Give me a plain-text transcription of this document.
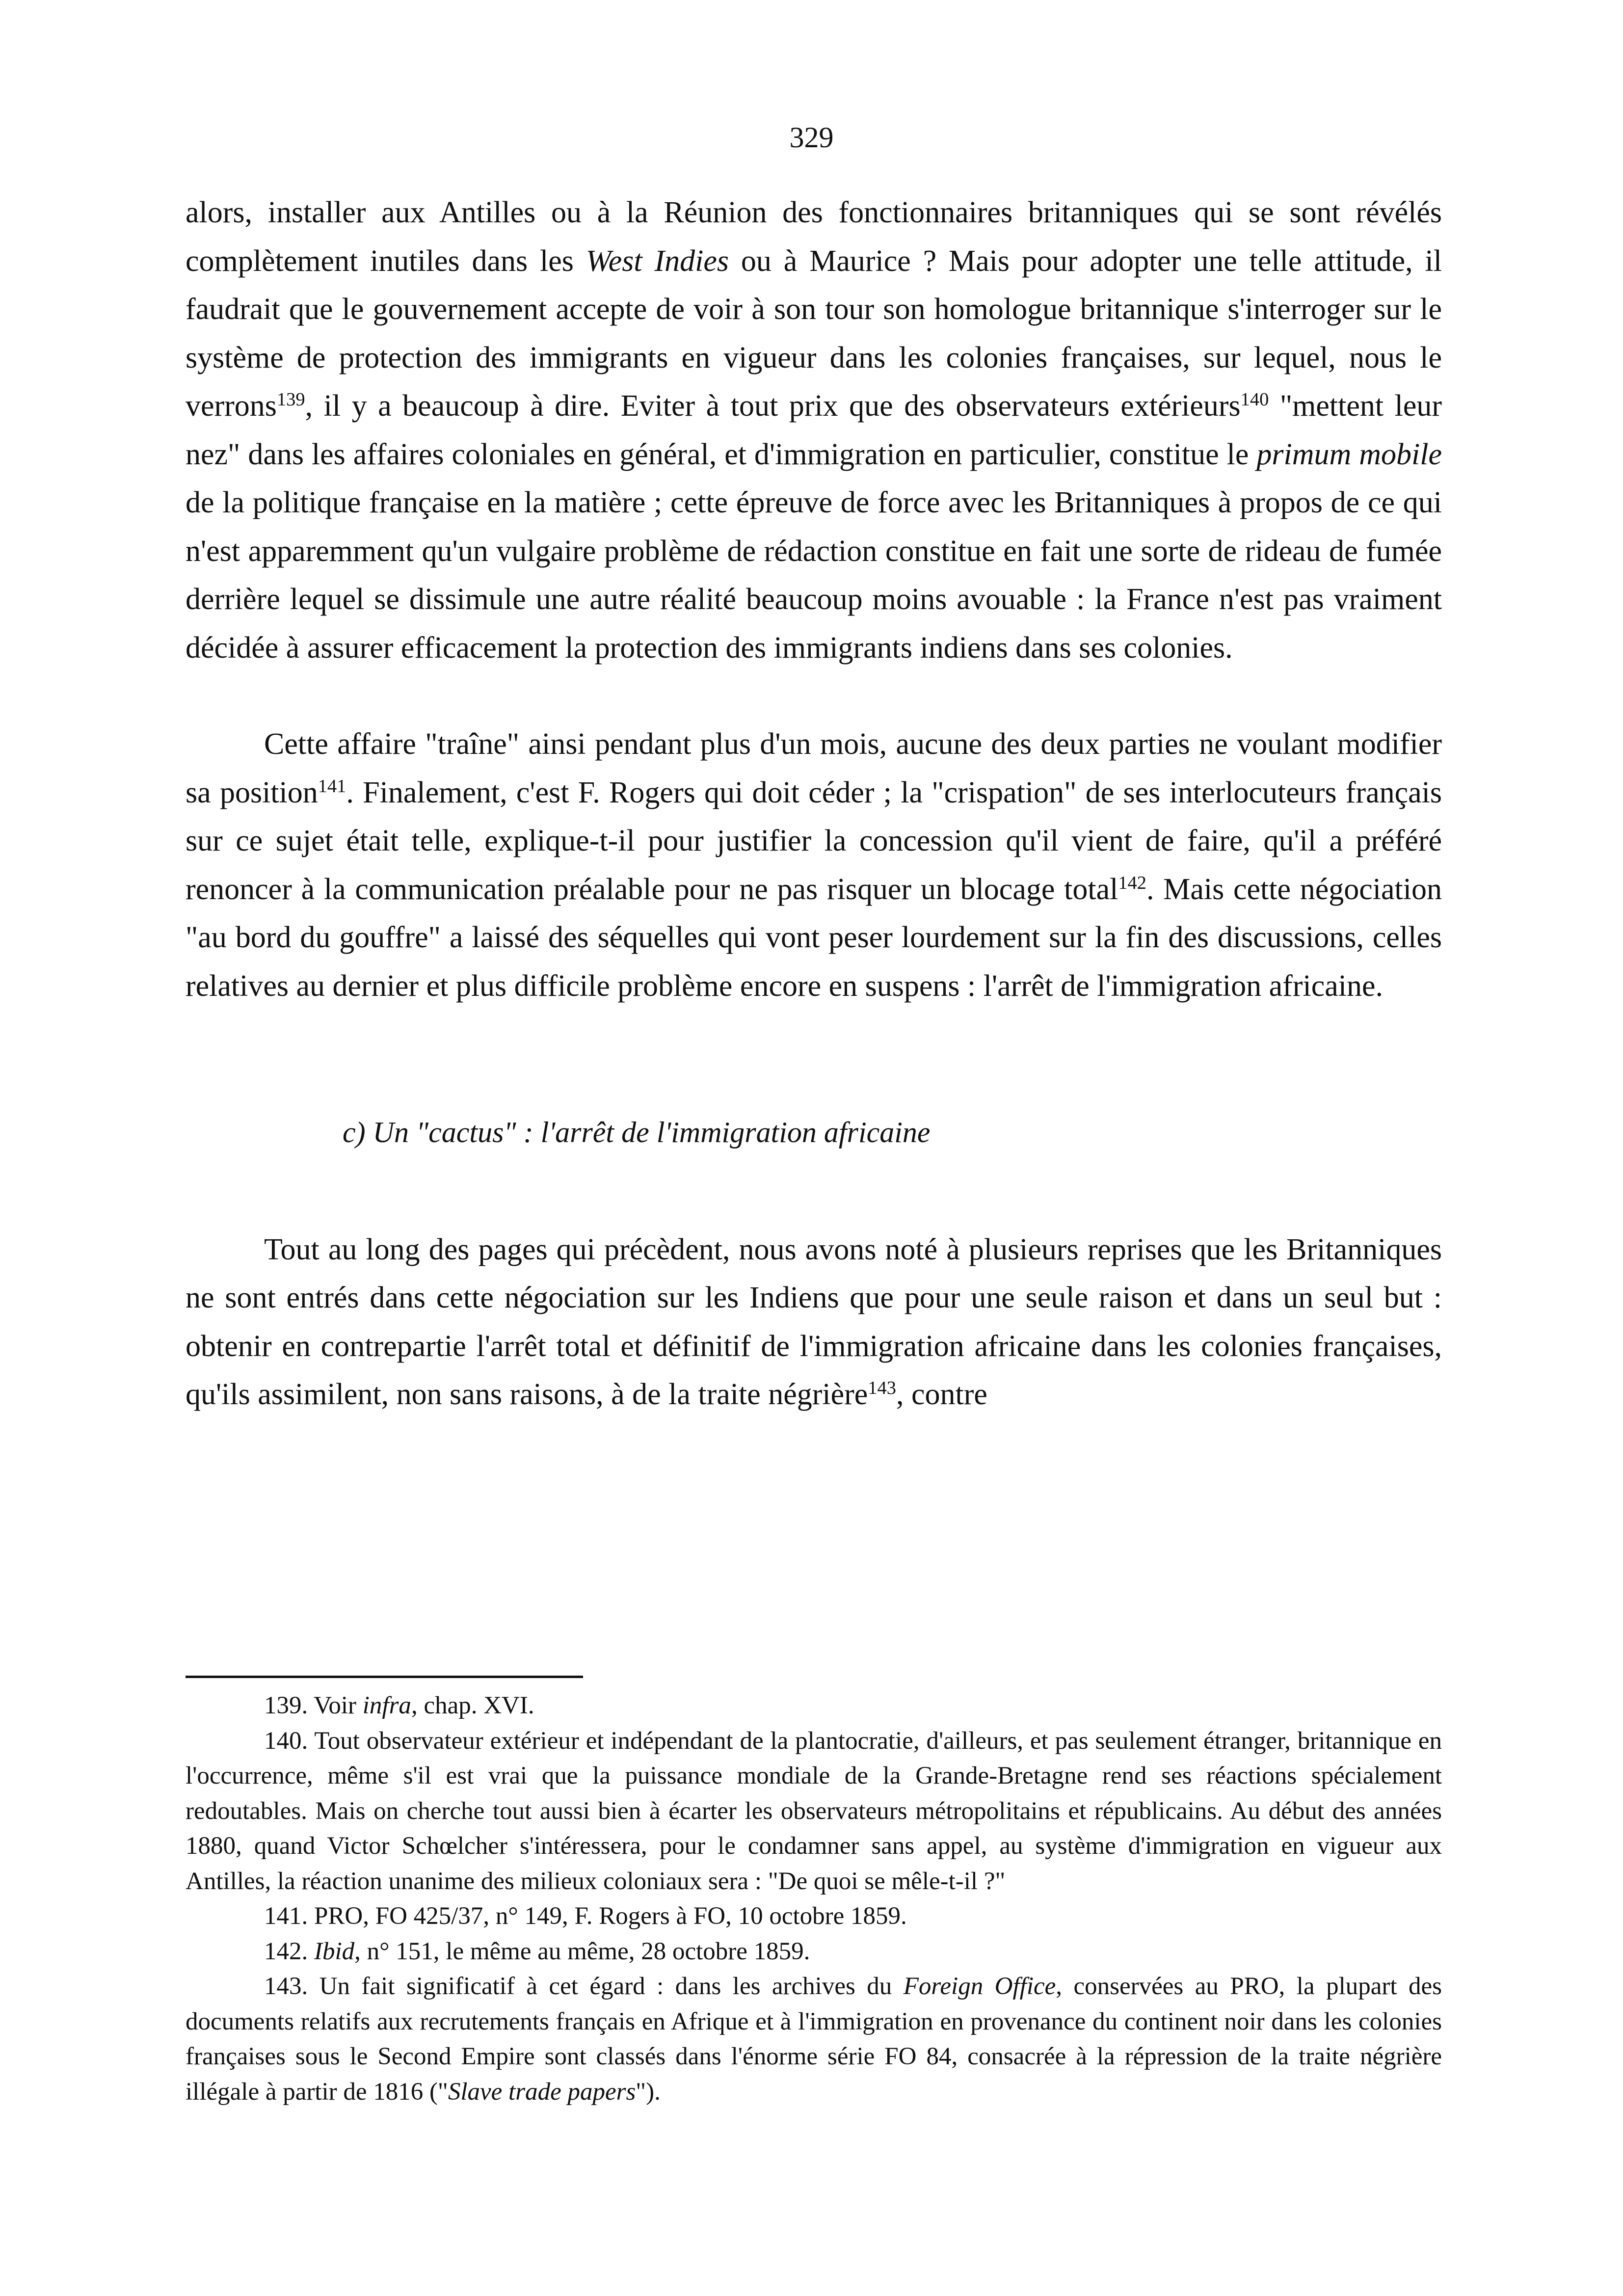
329

alors, installer aux Antilles ou à la Réunion des fonctionnaires britanniques qui se sont révélés complètement inutiles dans les West Indies ou à Maurice ? Mais pour adopter une telle attitude, il faudrait que le gouvernement accepte de voir à son tour son homologue britannique s'interroger sur le système de protection des immigrants en vigueur dans les colonies françaises, sur lequel, nous le verrons$^{139}$, il y a beaucoup à dire. Eviter à tout prix que des observateurs extérieurs$^{140}$ "mettent leur nez" dans les affaires coloniales en général, et d'immigration en particulier, constitue le primum mobile de la politique française en la matière ; cette épreuve de force avec les Britanniques à propos de ce qui n'est apparemment qu'un vulgaire problème de rédaction constitue en fait une sorte de rideau de fumée derrière lequel se dissimule une autre réalité beaucoup moins avouable : la France n'est pas vraiment décidée à assurer efficacement la protection des immigrants indiens dans ses colonies.

Cette affaire "traîne" ainsi pendant plus d'un mois, aucune des deux parties ne voulant modifier sa position$^{141}$. Finalement, c'est F. Rogers qui doit céder ; la "crispation" de ses interlocuteurs français sur ce sujet était telle, explique-t-il pour justifier la concession qu'il vient de faire, qu'il a préféré renoncer à la communication préalable pour ne pas risquer un blocage total$^{142}$. Mais cette négociation "au bord du gouffre" a laissé des séquelles qui vont peser lourdement sur la fin des discussions, celles relatives au dernier et plus difficile problème encore en suspens : l'arrêt de l'immigration africaine.

c) Un "cactus" : l'arrêt de l'immigration africaine

Tout au long des pages qui précèdent, nous avons noté à plusieurs reprises que les Britanniques ne sont entrés dans cette négociation sur les Indiens que pour une seule raison et dans un seul but : obtenir en contrepartie l'arrêt total et définitif de l'immigration africaine dans les colonies françaises, qu'ils assimilent, non sans raisons, à de la traite négrière$^{143}$, contre

139. Voir infra, chap. XVI.

140. Tout observateur extérieur et indépendant de la plantocratie, d'ailleurs, et pas seulement étranger, britannique en l'occurrence, même s'il est vrai que la puissance mondiale de la Grande-Bretagne rend ses réactions spécialement redoutables. Mais on cherche tout aussi bien à écarter les observateurs métropolitains et républicains. Au début des années 1880, quand Victor Schœlcher s'intéressera, pour le condamner sans appel, au système d'immigration en vigueur aux Antilles, la réaction unanime des milieux coloniaux sera : "De quoi se mêle-t-il ?"

141. PRO, FO 425/37, n° 149, F. Rogers à FO, 10 octobre 1859.

142. Ibid, n° 151, le même au même, 28 octobre 1859.

143. Un fait significatif à cet égard : dans les archives du Foreign Office, conservées au PRO, la plupart des documents relatifs aux recrutements français en Afrique et à l'immigration en provenance du continent noir dans les colonies françaises sous le Second Empire sont classés dans l'énorme série FO 84, consacrée à la répression de la traite négrière illégale à partir de 1816 ("Slave trade papers").
